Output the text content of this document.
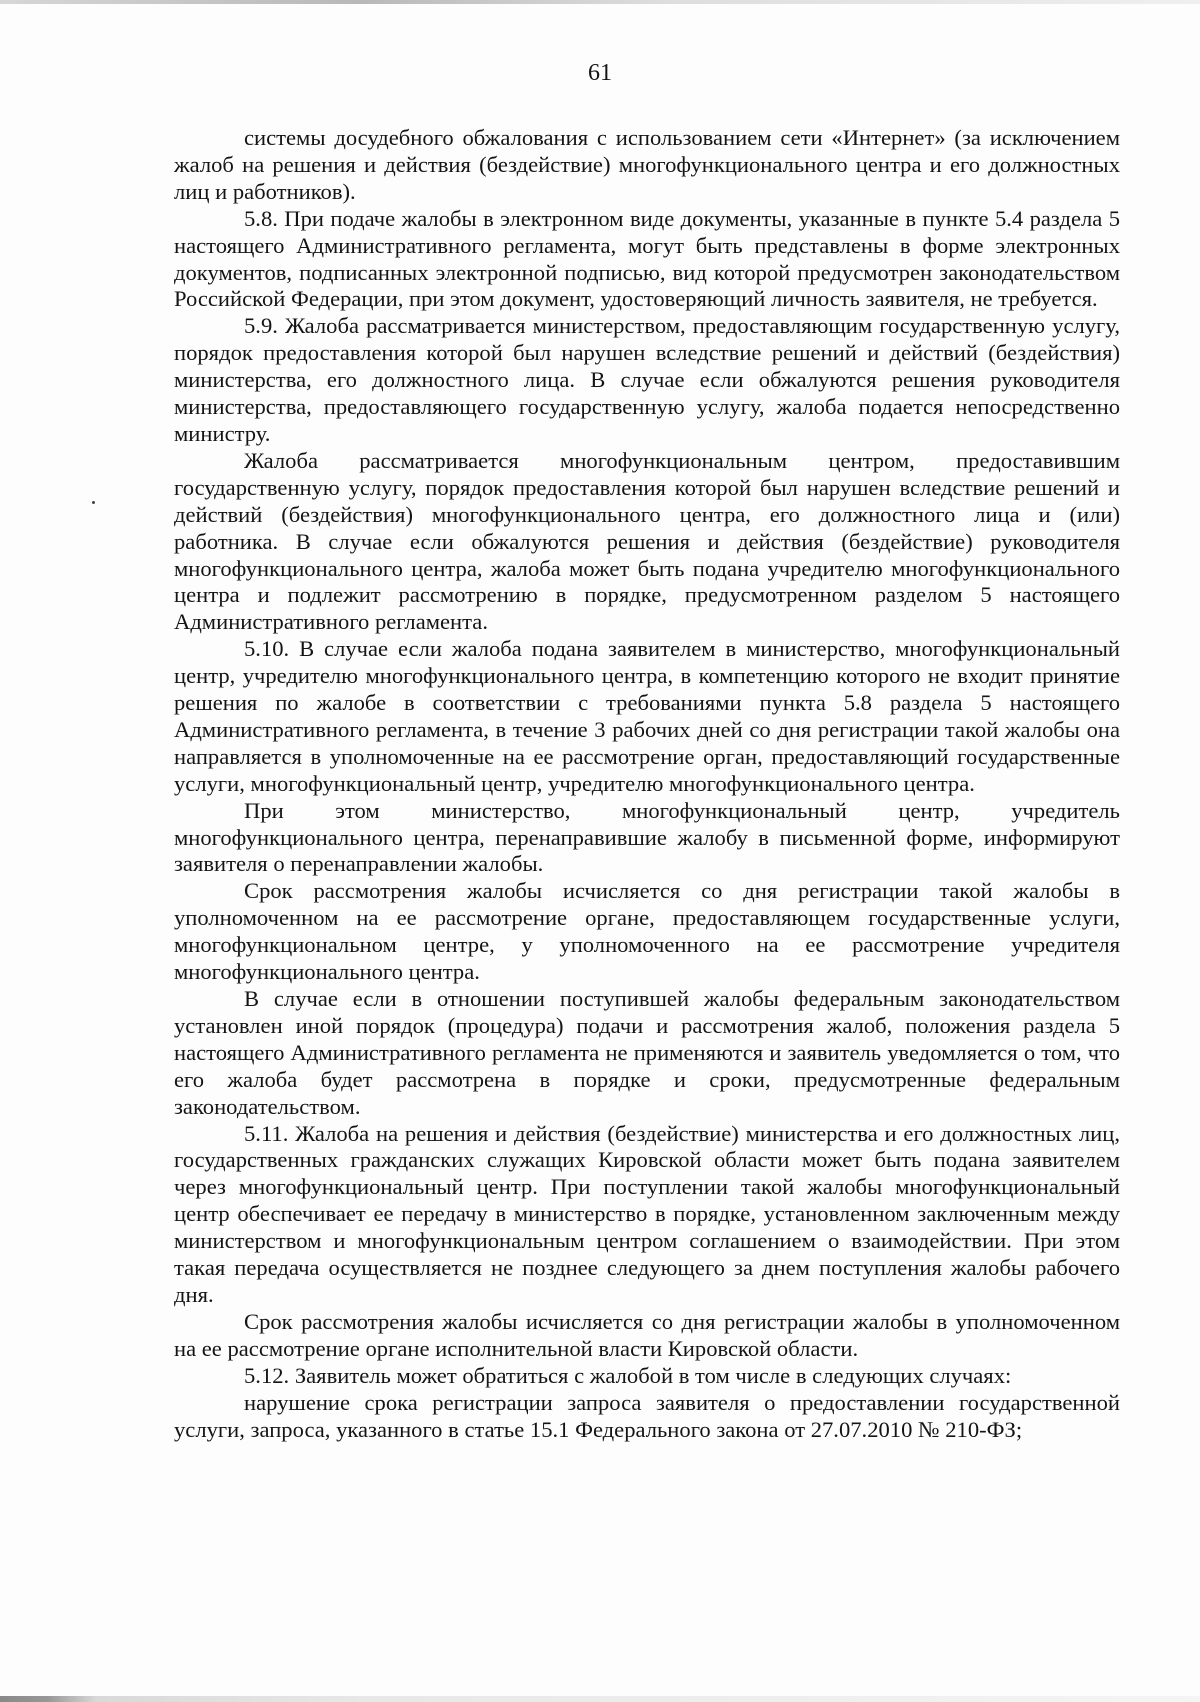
61

системы досудебного обжалования с использованием сети «Интернет» (за исключением жалоб на решения и действия (бездействие) многофункционального центра и его должностных лиц и работников).

5.8. При подаче жалобы в электронном виде документы, указанные в пункте 5.4 раздела 5 настоящего Административного регламента, могут быть представлены в форме электронных документов, подписанных электронной подписью, вид которой предусмотрен законодательством Российской Федерации, при этом документ, удостоверяющий личность заявителя, не требуется.

5.9. Жалоба рассматривается министерством, предоставляющим государственную услугу, порядок предоставления которой был нарушен вследствие решений и действий (бездействия) министерства, его должностного лица. В случае если обжалуются решения руководителя министерства, предоставляющего государственную услугу, жалоба подается непосредственно министру.

Жалоба рассматривается многофункциональным центром, предоставившим государственную услугу, порядок предоставления которой был нарушен вследствие решений и действий (бездействия) многофункционального центра, его должностного лица и (или) работника. В случае если обжалуются решения и действия (бездействие) руководителя многофункционального центра, жалоба может быть подана учредителю многофункционального центра и подлежит рассмотрению в порядке, предусмотренном разделом 5 настоящего Административного регламента.

5.10. В случае если жалоба подана заявителем в министерство, многофункциональный центр, учредителю многофункционального центра, в компетенцию которого не входит принятие решения по жалобе в соответствии с требованиями пункта 5.8 раздела 5 настоящего Административного регламента, в течение 3 рабочих дней со дня регистрации такой жалобы она направляется в уполномоченные на ее рассмотрение орган, предоставляющий государственные услуги, многофункциональный центр, учредителю многофункционального центра.

При этом министерство, многофункциональный центр, учредитель многофункционального центра, перенаправившие жалобу в письменной форме, информируют заявителя о перенаправлении жалобы.

Срок рассмотрения жалобы исчисляется со дня регистрации такой жалобы в уполномоченном на ее рассмотрение органе, предоставляющем государственные услуги, многофункциональном центре, у уполномоченного на ее рассмотрение учредителя многофункционального центра.

В случае если в отношении поступившей жалобы федеральным законодательством установлен иной порядок (процедура) подачи и рассмотрения жалоб, положения раздела 5 настоящего Административного регламента не применяются и заявитель уведомляется о том, что его жалоба будет рассмотрена в порядке и сроки, предусмотренные федеральным законодательством.

5.11. Жалоба на решения и действия (бездействие) министерства и его должностных лиц, государственных гражданских служащих Кировской области может быть подана заявителем через многофункциональный центр. При поступлении такой жалобы многофункциональный центр обеспечивает ее передачу в министерство в порядке, установленном заключенным между министерством и многофункциональным центром соглашением о взаимодействии. При этом такая передача осуществляется не позднее следующего за днем поступления жалобы рабочего дня.

Срок рассмотрения жалобы исчисляется со дня регистрации жалобы в уполномоченном на ее рассмотрение органе исполнительной власти Кировской области.

5.12. Заявитель может обратиться с жалобой в том числе в следующих случаях:

нарушение срока регистрации запроса заявителя о предоставлении государственной услуги, запроса, указанного в статье 15.1 Федерального закона от 27.07.2010 № 210-ФЗ;
